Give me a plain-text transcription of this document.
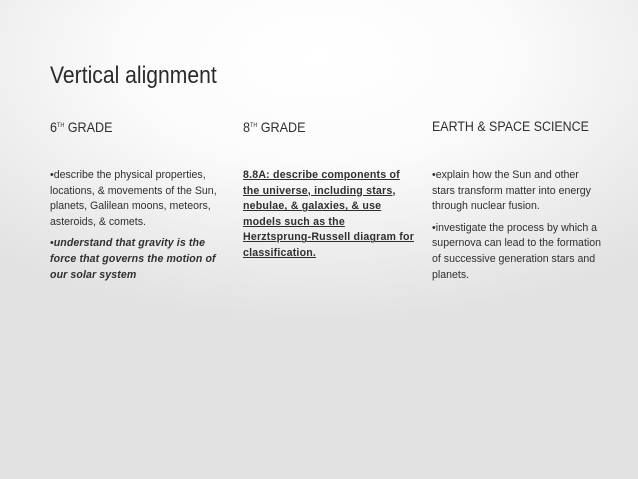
Vertical alignment
6TH GRADE
•describe the physical properties, locations, & movements of the Sun, planets, Galilean moons, meteors, asteroids, & comets.
•understand that gravity is the force that governs the motion of our solar system
8TH GRADE
8.8A: describe components of the universe, including stars, nebulae, & galaxies, & use models such as the Herztsprung-Russell diagram for classification.
EARTH & SPACE SCIENCE
•explain how the Sun and other stars transform matter into energy through nuclear fusion.
•investigate the process by which a supernova can lead to the formation of successive generation stars and planets.
